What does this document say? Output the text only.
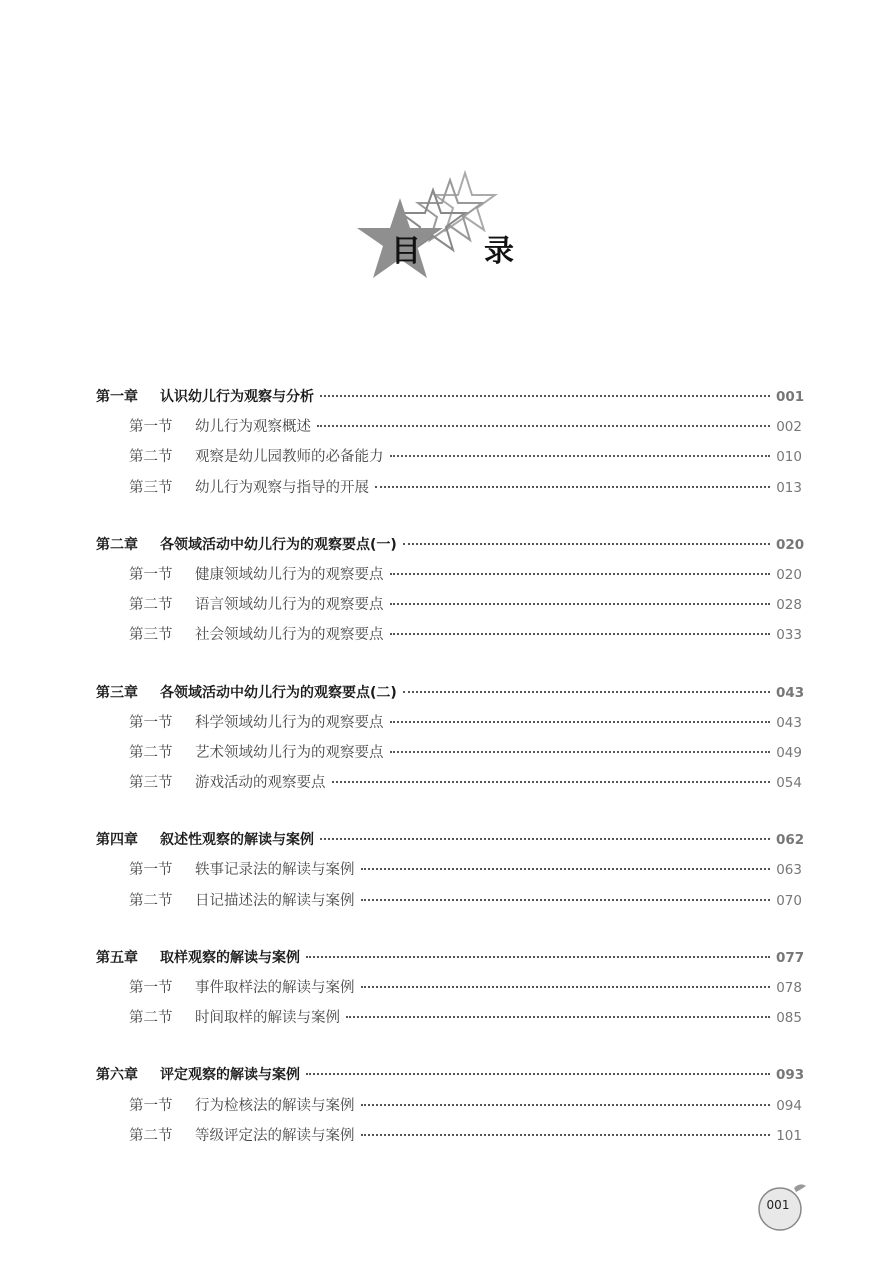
目 录
第一章	认识幼儿行为观察与分析	001
第一节 幼儿行为观察概述	002
第二节 观察是幼儿园教师的必备能力	010
第三节 幼儿行为观察与指导的开展	013
第二章	各领域活动中幼儿行为的观察要点(一)	020
第一节 健康领域幼儿行为的观察要点	020
第二节 语言领域幼儿行为的观察要点	028
第三节 社会领域幼儿行为的观察要点	033
第三章	各领域活动中幼儿行为的观察要点(二)	043
第一节 科学领域幼儿行为的观察要点	043
第二节 艺术领域幼儿行为的观察要点	049
第三节 游戏活动的观察要点	054
第四章	叙述性观察的解读与案例	062
第一节 轶事记录法的解读与案例	063
第二节 日记描述法的解读与案例	070
第五章	取样观察的解读与案例	077
第一节 事件取样法的解读与案例	078
第二节 时间取样的解读与案例	085
第六章	评定观察的解读与案例	093
第一节 行为检核法的解读与案例	094
第二节 等级评定法的解读与案例	101
001
